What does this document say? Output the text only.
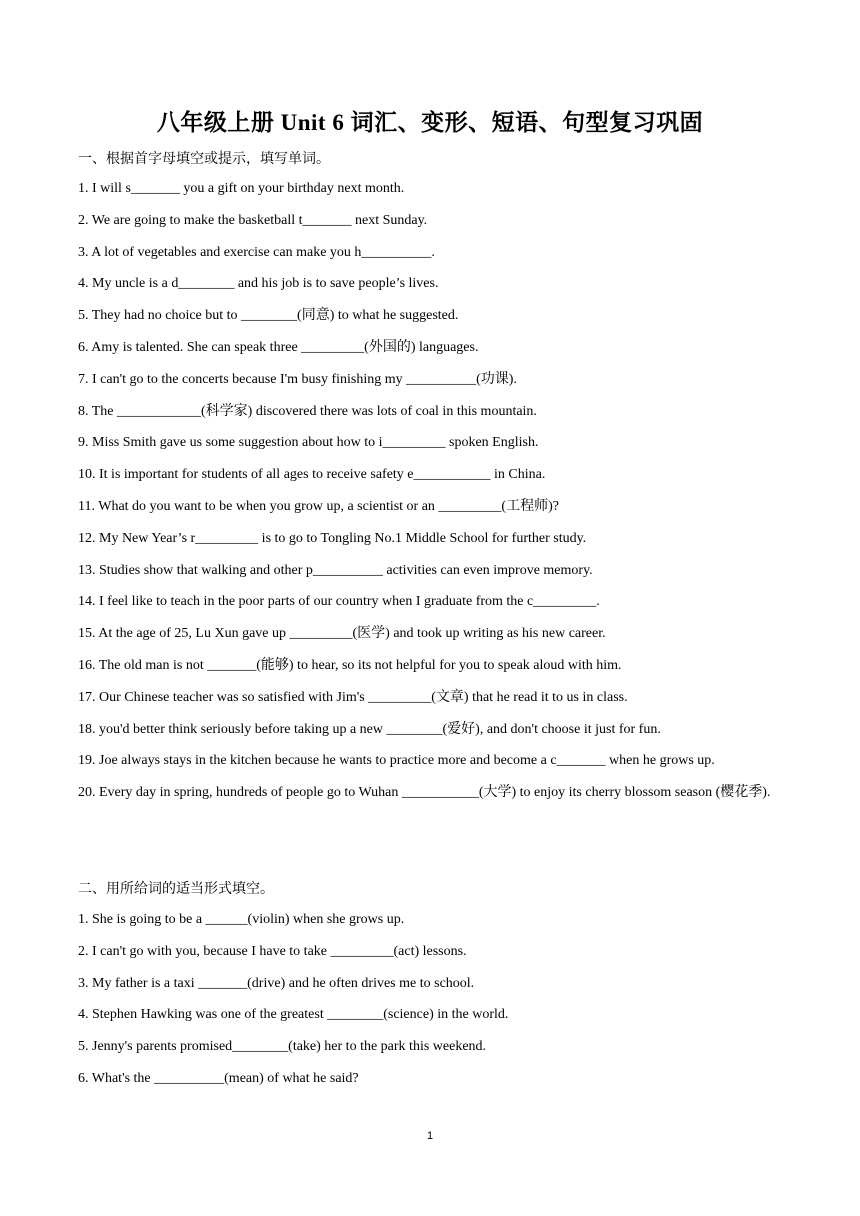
八年级上册 Unit 6 词汇、变形、短语、句型复习巩固
一、根据首字母填空或提示，填写单词。
1. I will s_______ you a gift on your birthday next month.
2. We are going to make the basketball t_______ next Sunday.
3. A lot of vegetables and exercise can make you h__________.
4. My uncle is a d________ and his job is to save people’s lives.
5. They had no choice but to ________(同意) to what he suggested.
6. Amy is talented. She can speak three _________(外国的) languages.
7. I can't go to the concerts because I'm busy finishing my __________(功课).
8. The ____________(科学家) discovered there was lots of coal in this mountain.
9. Miss Smith gave us some suggestion about how to i_________ spoken English.
10. It is important for students of all ages to receive safety e___________ in China.
11. What do you want to be when you grow up, a scientist or an _________(工程师)?
12. My New Year’s r_________ is to go to Tongling No.1 Middle School for further study.
13. Studies show that walking and other p__________ activities can even improve memory.
14. I feel like to teach in the poor parts of our country when I graduate from the c_________.
15. At the age of 25, Lu Xun gave up _________(医学) and took up writing as his new career.
16. The old man is not _______(能够) to hear, so its not helpful for you to speak aloud with him.
17. Our Chinese teacher was so satisfied with Jim's _________(文章) that he read it to us in class.
18. you'd better think seriously before taking up a new ________(爱好), and don't choose it just for fun.
19. Joe always stays in the kitchen because he wants to practice more and become a c_______ when he grows up.
20. Every day in spring, hundreds of people go to Wuhan ___________(大学) to enjoy its cherry blossom season (樱花季).
二、用所给词的适当形式填空。
1. She is going to be a ______(violin) when she grows up.
2. I can't go with you, because I have to take _________(act) lessons.
3. My father is a taxi _______(drive) and he often drives me to school.
4. Stephen Hawking was one of the greatest ________(science) in the world.
5. Jenny's parents promised________(take) her to the park this weekend.
6. What's the __________(mean) of what he said?
1
